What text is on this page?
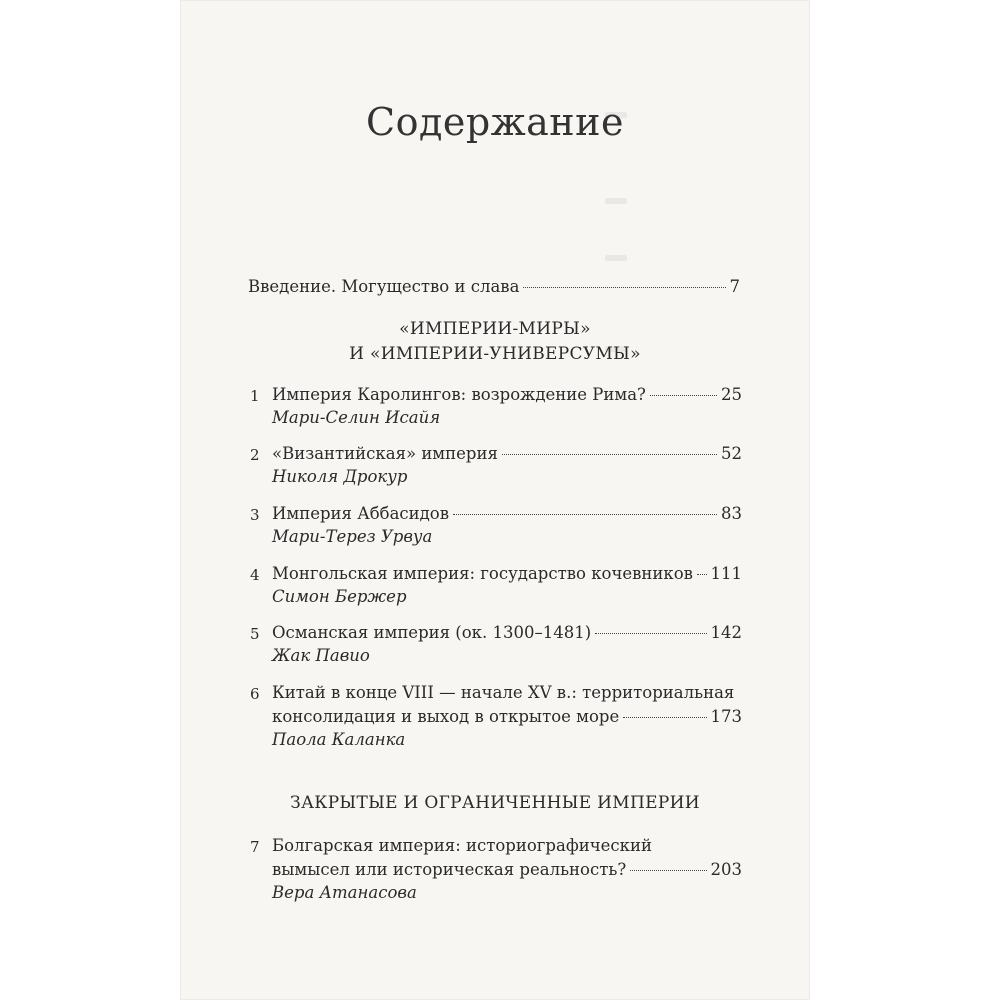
Содержание
Введение. Могущество и слава	7
«ИМПЕРИИ-МИРЫ»
И «ИМПЕРИИ-УНИВЕРСУМЫ»
1 Империя Каролингов: возрождение Рима?	25
Мари-Селин Исайя
2 «Византийская» империя	52
Николя Дрокур
3 Империя Аббасидов	83
Мари-Терез Урвуа
4 Монгольская империя: государство кочевников 111
Симон Бержер
5 Османская империя (ок. 1300–1481)	142
Жак Павио
6 Китай в конце VIII — начале XV в.: территориальная
консолидация и выход в открытое море	173
Паола Каланка
ЗАКРЫТЫЕ И ОГРАНИЧЕННЫЕ ИМПЕРИИ
7 Болгарская империя: историографический
вымысел или историческая реальность?	203
Вера Атанасова
